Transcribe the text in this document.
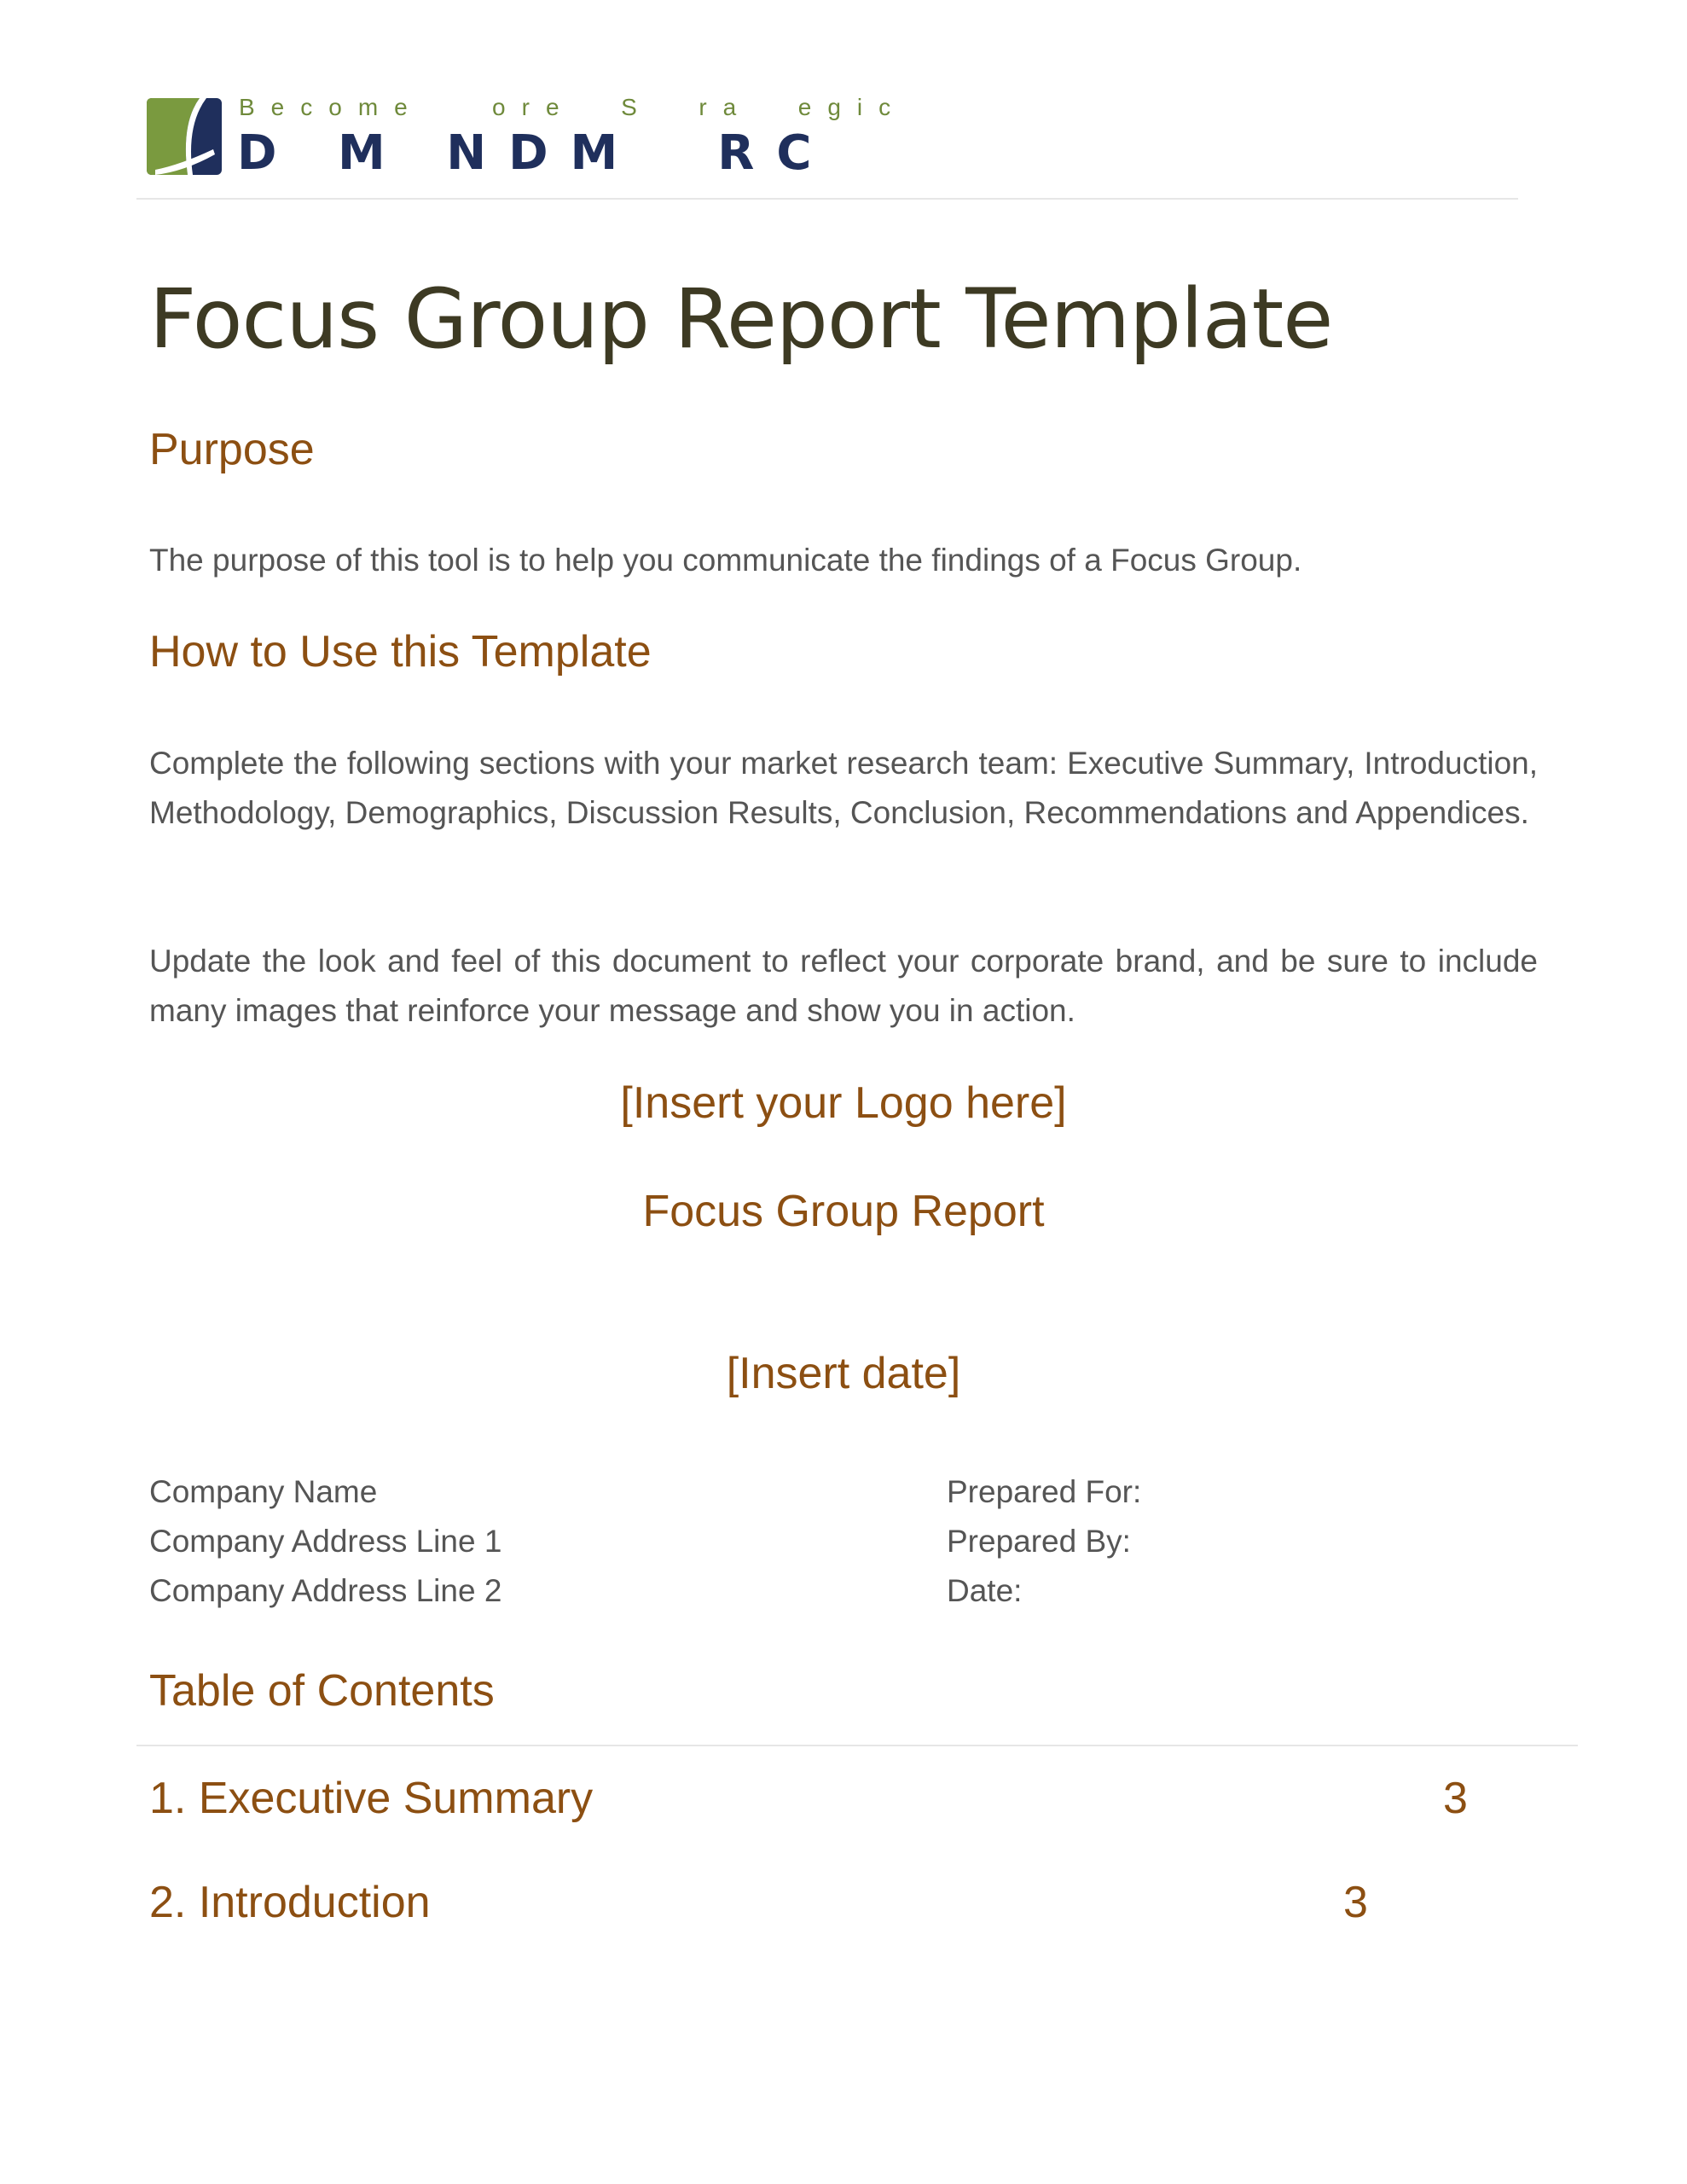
Become   ore  S  ra  egic
D M NDM  RC
Focus Group Report Template
Purpose

The purpose of this tool is to help you communicate the findings of a Focus Group.

How to Use this Template

Complete the following sections with your market research team: Executive Summary, Introduction, Methodology, Demographics, Discussion Results, Conclusion, Recommendations and Appendices.

Update the look and feel of this document to reflect your corporate brand, and be sure to include many images that reinforce your message and show you in action.

[Insert your Logo here]
Focus Group Report
[Insert date]
Company Name
Company Address Line 1
Company Address Line 2
Prepared For:
Prepared By:
Date:
Table of Contents
1. Executive Summary	3
2. Introduction	3
